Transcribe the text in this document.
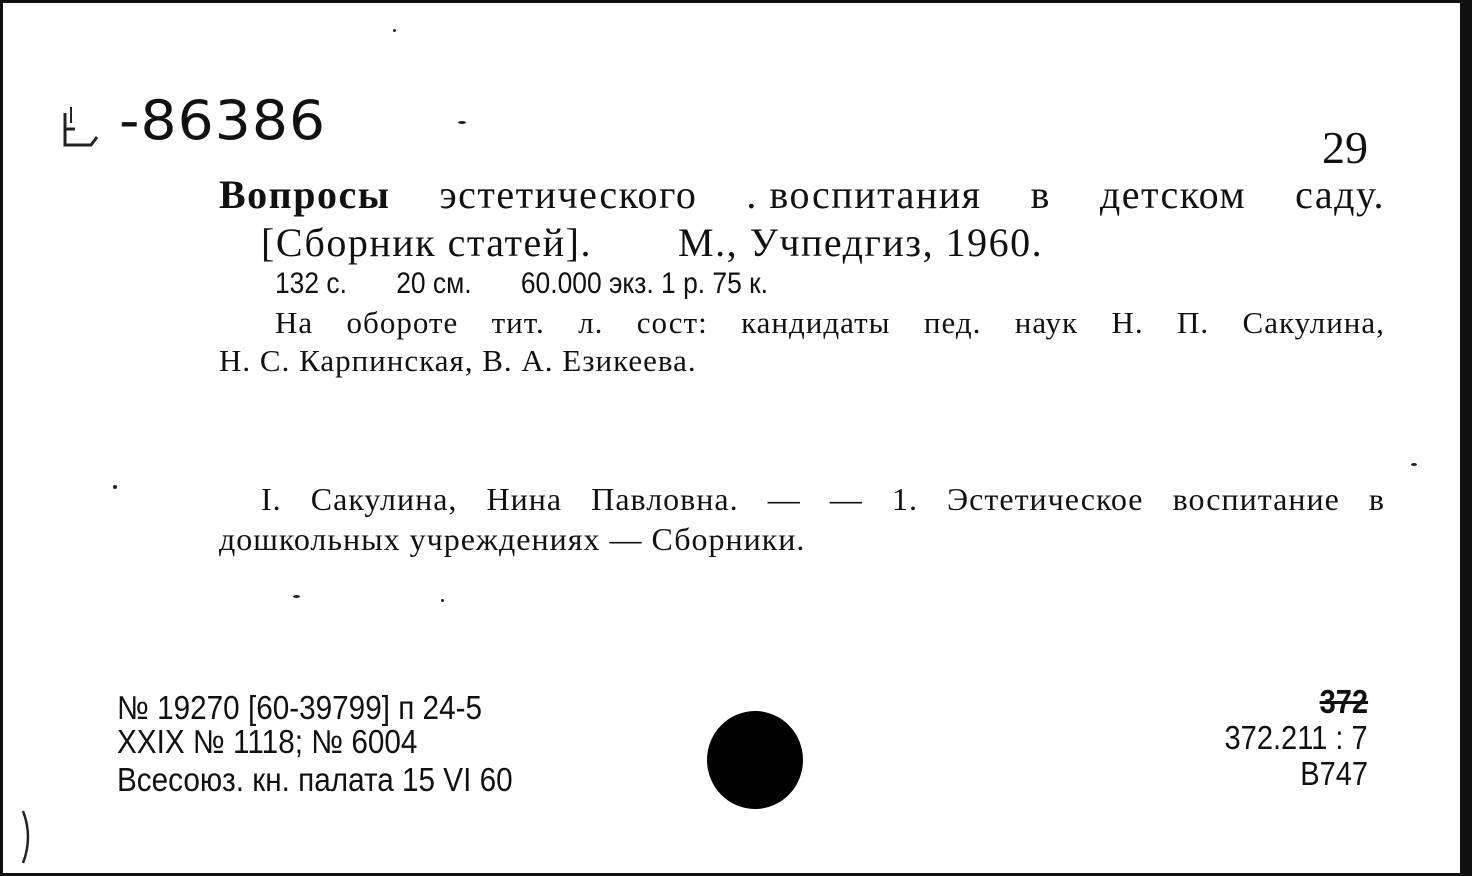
-86386	29
Вопросы эстетического . воспитания в детском саду.
[Сборник статей]. М., Учпедгиз, 1960.
132 с. 20 см. 60.000 экз. 1 р. 75 к.
На обороте тит. л. сост: кандидаты пед. наук Н. П. Сакулина,
Н. С. Карпинская, В. А. Езикеева.
I. Сакулина, Нина Павловна. — — 1. Эстетическое воспитание в
дошкольных учреждениях — Сборники.
№ 19270 [60-39799] п 24-5
XXIX № 1118; № 6004
Всесоюз. кн. палата 15 VI 60
372
372.211 : 7
В747
